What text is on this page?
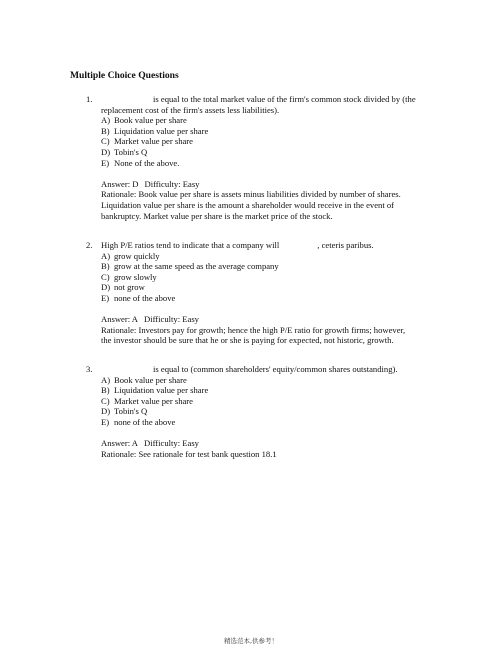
Multiple Choice Questions
1.	is equal to the total market value of the firm's common stock divided by (the
replacement cost of the firm's assets less liabilities).
A) Book value per share
B) Liquidation value per share
C) Market value per share
D) Tobin's Q
E) None of the above.
Answer: D Difficulty: Easy
Rationale: Book value per share is assets minus liabilities divided by number of shares.
Liquidation value per share is the amount a shareholder would receive in the event of
bankruptcy. Market value per share is the market price of the stock.
2. High P/E ratios tend to indicate that a company will	, ceteris paribus.
A) grow quickly
B) grow at the same speed as the average company
C) grow slowly
D) not grow
E) none of the above
Answer: A Difficulty: Easy
Rationale: Investors pay for growth; hence the high P/E ratio for growth firms; however,
the investor should be sure that he or she is paying for expected, not historic, growth.
3.	is equal to (common shareholders' equity/common shares outstanding).
A) Book value per share
B) Liquidation value per share
C) Market value per share
D) Tobin's Q
E) none of the above
Answer: A Difficulty: Easy
Rationale: See rationale for test bank question 18.1
精选范本,供参考！
